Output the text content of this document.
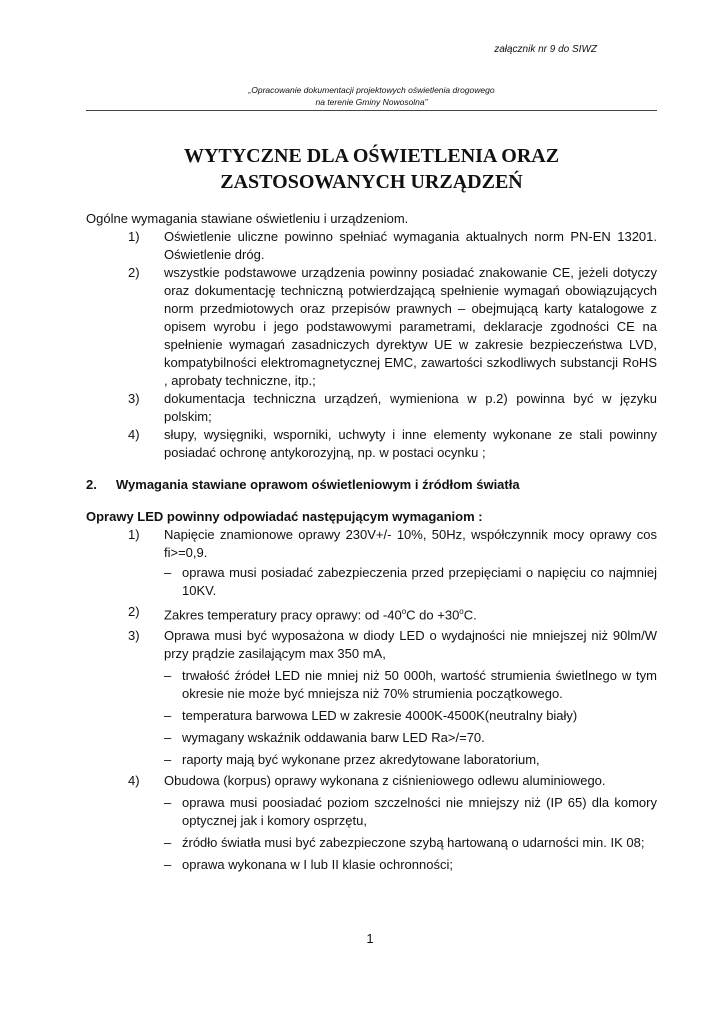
załącznik nr 9 do SIWZ
„Opracowanie dokumentacji projektowych oświetlenia drogowego
na terenie Gminy Nowosolna”
WYTYCZNE DLA OŚWIETLENIA ORAZ
ZASTOSOWANYCH URZĄDZEŃ

Ogólne wymagania stawiane oświetleniu i urządzeniom.

1)	Oświetlenie uliczne powinno spełniać wymagania aktualnych norm PN-EN 13201. Oświetlenie dróg.
2)	wszystkie podstawowe urządzenia powinny posiadać znakowanie CE, jeżeli dotyczy oraz dokumentację techniczną potwierdzającą spełnienie wymagań obowiązujących norm przedmiotowych oraz przepisów prawnych – obejmującą karty katalogowe z opisem wyrobu i jego podstawowymi parametrami, deklaracje zgodności CE na spełnienie wymagań zasadniczych dyrektyw UE w zakresie bezpieczeństwa LVD, kompatybilności elektromagnetycznej EMC, zawartości szkodliwych substancji RoHS , aprobaty techniczne, itp.;
3)	dokumentacja techniczna urządzeń, wymieniona w p.2) powinna być w języku polskim;
4)	słupy, wysięgniki, wsporniki, uchwyty i inne elementy wykonane ze stali powinny posiadać ochronę antykorozyjną, np. w postaci ocynku ;
2.	Wymagania stawiane oprawom oświetleniowym i źródłom światła

Oprawy LED powinny odpowiadać następującym wymaganiom :

1)	Napięcie znamionowe oprawy 230V+/- 10%, 50Hz, współczynnik mocy oprawy cos fi>=0,9.
– oprawa musi posiadać zabezpieczenia przed przepięciami o napięciu co najmniej 10KV.
2)	Zakres temperatury pracy oprawy: od -40$^o$C do $+30^oC$.
3)	Oprawa musi być wyposażona w diody LED o wydajności nie mniejszej niż 90lm/W przy prądzie zasilającym max 350 mA,
– trwałość źródeł LED nie mniej niż 50 000h, wartość strumienia świetlnego w tym okresie nie może być mniejsza niż 70% strumienia początkowego.
– temperatura barwowa LED w zakresie 4000K-4500K(neutralny biały)
– wymagany wskaźnik oddawania barw LED Ra>/=70.
– raporty mają być wykonane przez akredytowane laboratorium,
4)	Obudowa (korpus) oprawy wykonana z ciśnieniowego odlewu aluminiowego.
– oprawa musi poosiadać poziom szczelności nie mniejszy niż (IP 65) dla komory optycznej jak i komory osprzętu,
– źródło światła musi być zabezpieczone szybą hartowaną o udarności min. IK 08;
– oprawa wykonana w I lub II klasie ochronności;
1
